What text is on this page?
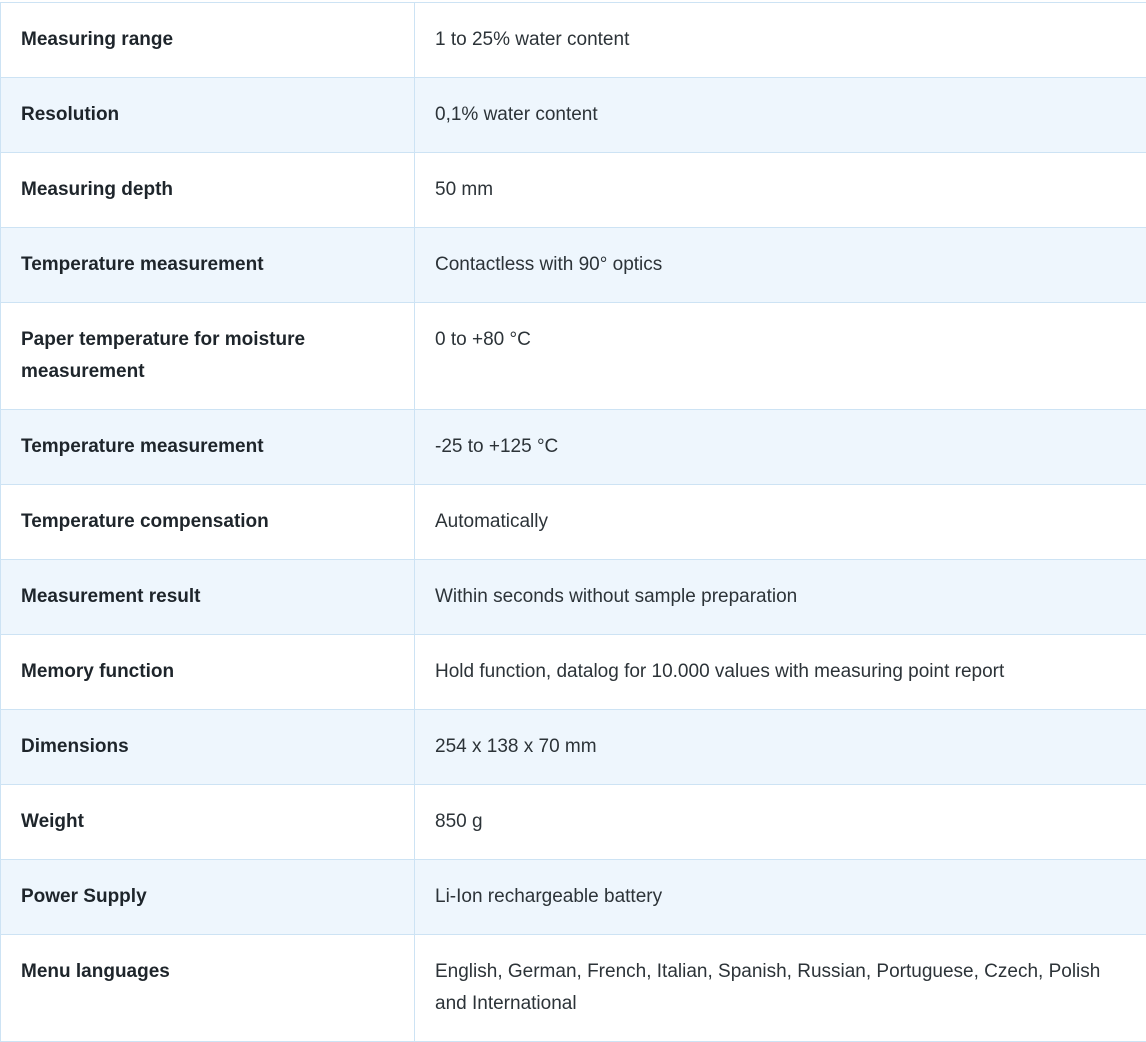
Measuring range	1 to 25% water content
Resolution	0,1% water content
Measuring depth	50 mm
Temperature measurement	Contactless with 90° optics
Paper temperature for moisture measurement	0 to +80 °C
Temperature measurement	-25 to +125 °C
Temperature compensation	Automatically
Measurement result	Within seconds without sample preparation
Memory function	Hold function, datalog for 10.000 values with measuring point report
Dimensions	254 x 138 x 70 mm
Weight	850 g
Power Supply	Li-Ion rechargeable battery
Menu languages	English, German, French, Italian, Spanish, Russian, Portuguese, Czech, Polish and International
